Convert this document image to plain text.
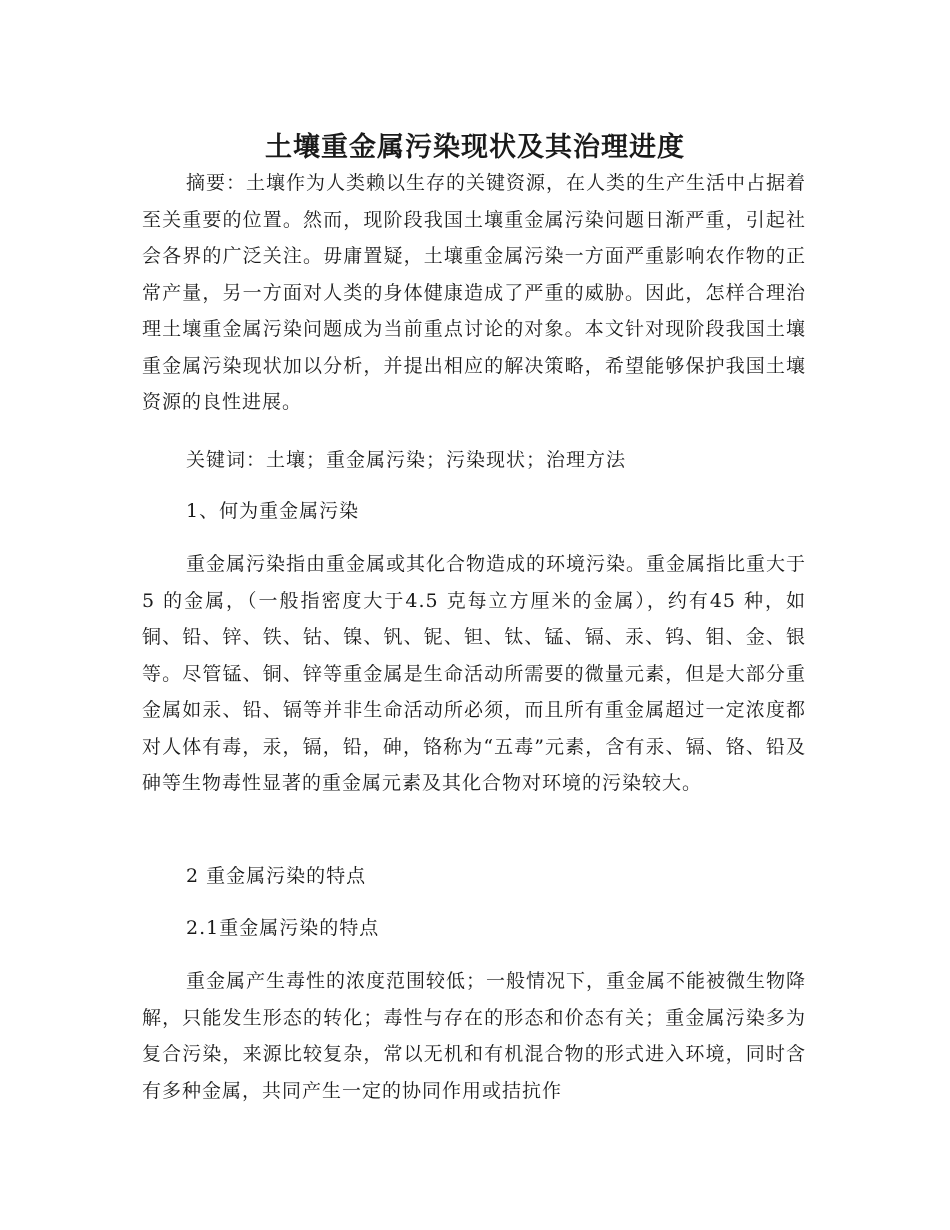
土壤重金属污染现状及其治理进度

摘要：土壤作为人类赖以生存的关键资源，在人类的生产生活中占据着至关重要的位置。然而，现阶段我国土壤重金属污染问题日渐严重，引起社会各界的广泛关注。毋庸置疑，土壤重金属污染一方面严重影响农作物的正常产量，另一方面对人类的身体健康造成了严重的威胁。因此，怎样合理治理土壤重金属污染问题成为当前重点讨论的对象。本文针对现阶段我国土壤重金属污染现状加以分析，并提出相应的解决策略，希望能够保护我国土壤资源的良性进展。

关键词：土壤；重金属污染；污染现状；治理方法

1、何为重金属污染

重金属污染指由重金属或其化合物造成的环境污染。重金属指比重大于5 的金属，（一般指密度大于4.5 克每立方厘米的金属），约有45 种，如铜、铅、锌、铁、钴、镍、钒、铌、钽、钛、锰、镉、汞、钨、钼、金、银等。尽管锰、铜、锌等重金属是生命活动所需要的微量元素，但是大部分重金属如汞、铅、镉等并非生命活动所必须，而且所有重金属超过一定浓度都对人体有毒，汞，镉，铅，砷，铬称为“五毒”元素，含有汞、镉、铬、铅及砷等生物毒性显著的重金属元素及其化合物对环境的污染较大。

2 重金属污染的特点

2.1重金属污染的特点

重金属产生毒性的浓度范围较低；一般情况下，重金属不能被微生物降解，只能发生形态的转化；毒性与存在的形态和价态有关；重金属污染多为复合污染，来源比较复杂，常以无机和有机混合物的形式进入环境，同时含有多种金属，共同产生一定的协同作用或拮抗作
